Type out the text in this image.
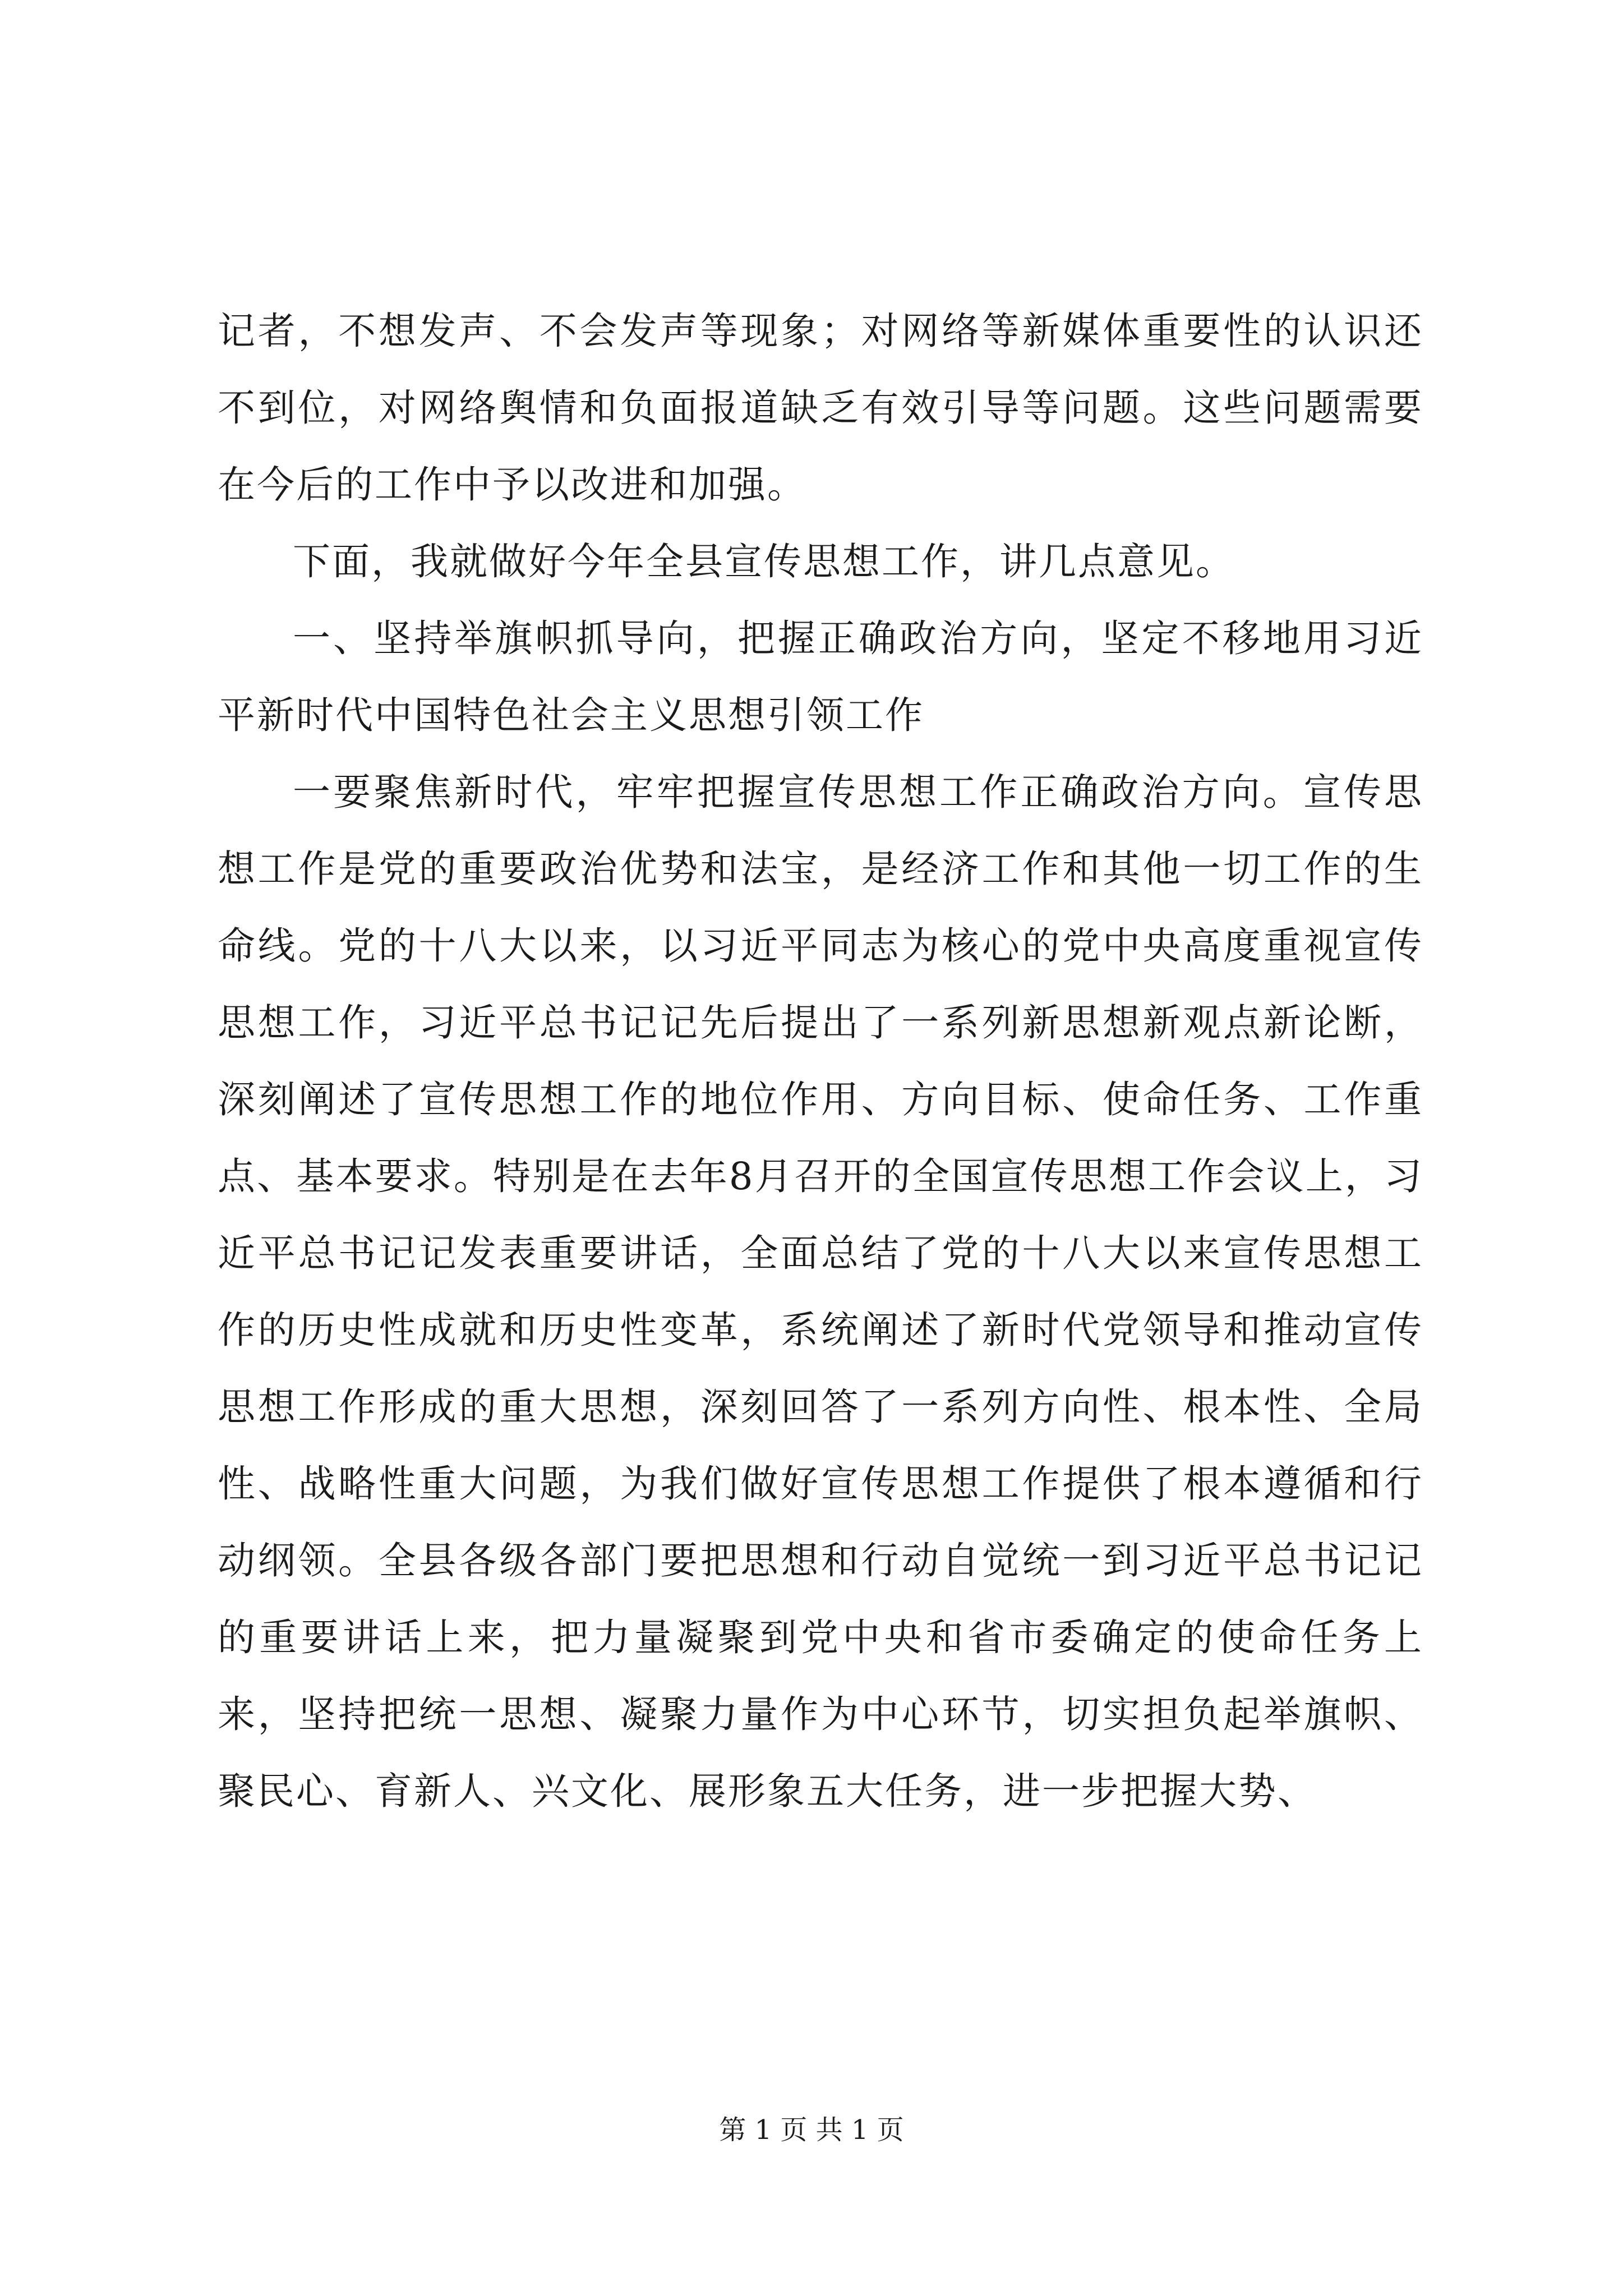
记者，不想发声、不会发声等现象；对网络等新媒体重要性的认识还不到位，对网络舆情和负面报道缺乏有效引导等问题。这些问题需要在今后的工作中予以改进和加强。

下面，我就做好今年全县宣传思想工作，讲几点意见。

一、坚持举旗帜抓导向，把握正确政治方向，坚定不移地用习近平新时代中国特色社会主义思想引领工作

一要聚焦新时代，牢牢把握宣传思想工作正确政治方向。宣传思想工作是党的重要政治优势和法宝，是经济工作和其他一切工作的生命线。党的十八大以来，以习近平同志为核心的党中央高度重视宣传思想工作，习近平总书记记先后提出了一系列新思想新观点新论断，深刻阐述了宣传思想工作的地位作用、方向目标、使命任务、工作重点、基本要求。特别是在去年8月召开的全国宣传思想工作会议上，习近平总书记记发表重要讲话，全面总结了党的十八大以来宣传思想工作的历史性成就和历史性变革，系统阐述了新时代党领导和推动宣传思想工作形成的重大思想，深刻回答了一系列方向性、根本性、全局性、战略性重大问题，为我们做好宣传思想工作提供了根本遵循和行动纲领。全县各级各部门要把思想和行动自觉统一到习近平总书记记的重要讲话上来，把力量凝聚到党中央和省市委确定的使命任务上来，坚持把统一思想、凝聚力量作为中心环节，切实担负起举旗帜、聚民心、育新人、兴文化、展形象五大任务，进一步把握大势、

第 1 页 共 1 页
